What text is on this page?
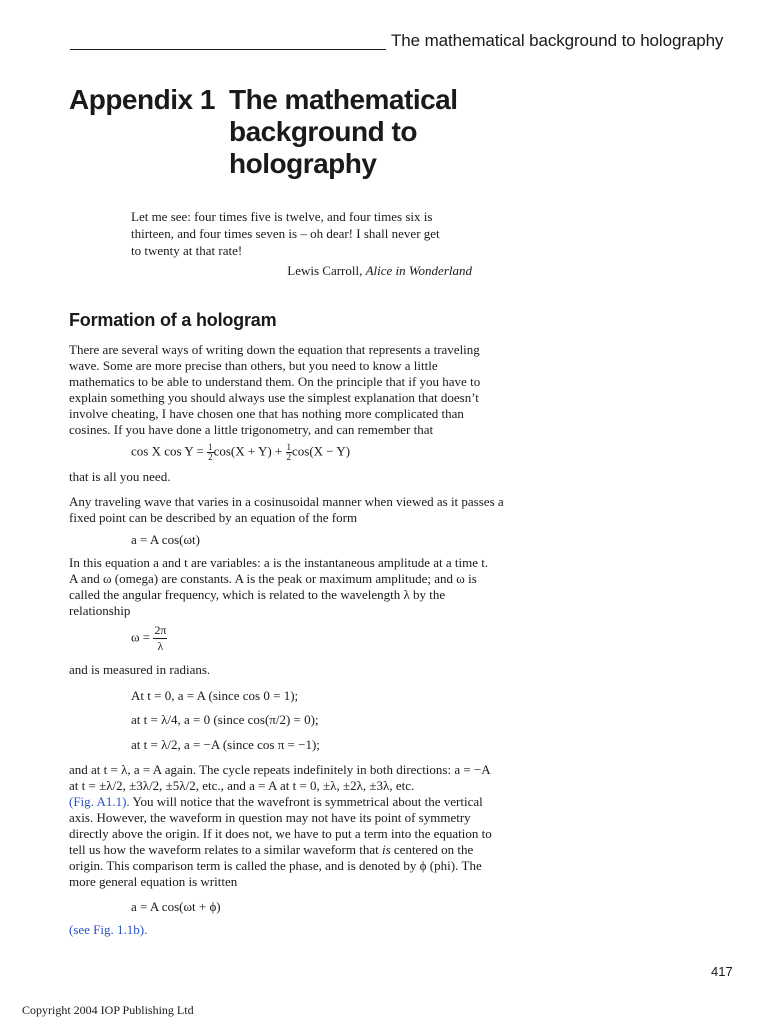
The mathematical background to holography
Appendix 1 The mathematical
background to
holography
Let me see: four times five is twelve, and four times six is
thirteen, and four times seven is – oh dear! I shall never get
to twenty at that rate!
Lewis Carroll, Alice in Wonderland
Formation of a hologram
There are several ways of writing down the equation that represents a traveling
wave. Some are more precise than others, but you need to know a little
mathematics to be able to understand them. On the principle that if you have to
explain something you should always use the simplest explanation that doesn’t
involve cheating, I have chosen one that has nothing more complicated than
cosines. If you have done a little trigonometry, and can remember that
cos X $\cos Y = \frac{1}{2} \cos(X + Y) + \frac{1}{2} \cos(X - Y)$
that is all you need.
Any traveling wave that varies in a cosinusoidal manner when viewed as it passes a
fixed point can be described by an equation of the form
a = A cos(ωt)
In this equation a and t are variables: a is the instantaneous amplitude at a time t.
A and ω (omega) are constants. A is the peak or maximum amplitude; and ω is
called the angular frequency, which is related to the wavelength λ by the
relationship
$\omega = \frac{2\pi}{\lambda}$
and is measured in radians.
At t = 0, a = A (since cos 0 = 1);
at t = λ/4, a = 0 (since cos(π/2) = 0);
at t = λ/2, a = −A (since cos π = −1);
and at t = λ, a = A again. The cycle repeats indefinitely in both directions: a = −A
at t = ±λ/2, ±3λ/2, ±5λ/2, etc., and a = A at t = 0, ±λ, ±2λ, ±3λ, etc.
(Fig. A1.1). You will notice that the wavefront is symmetrical about the vertical
axis. However, the waveform in question may not have its point of symmetry
directly above the origin. If it does not, we have to put a term into the equation to
tell us how the waveform relates to a similar waveform that is centered on the
origin. This comparison term is called the phase, and is denoted by ϕ (phi). The
more general equation is written
a = A cos(ωt + ϕ)
(see Fig. 1.1b).
417
Copyright 2004 IOP Publishing Ltd
